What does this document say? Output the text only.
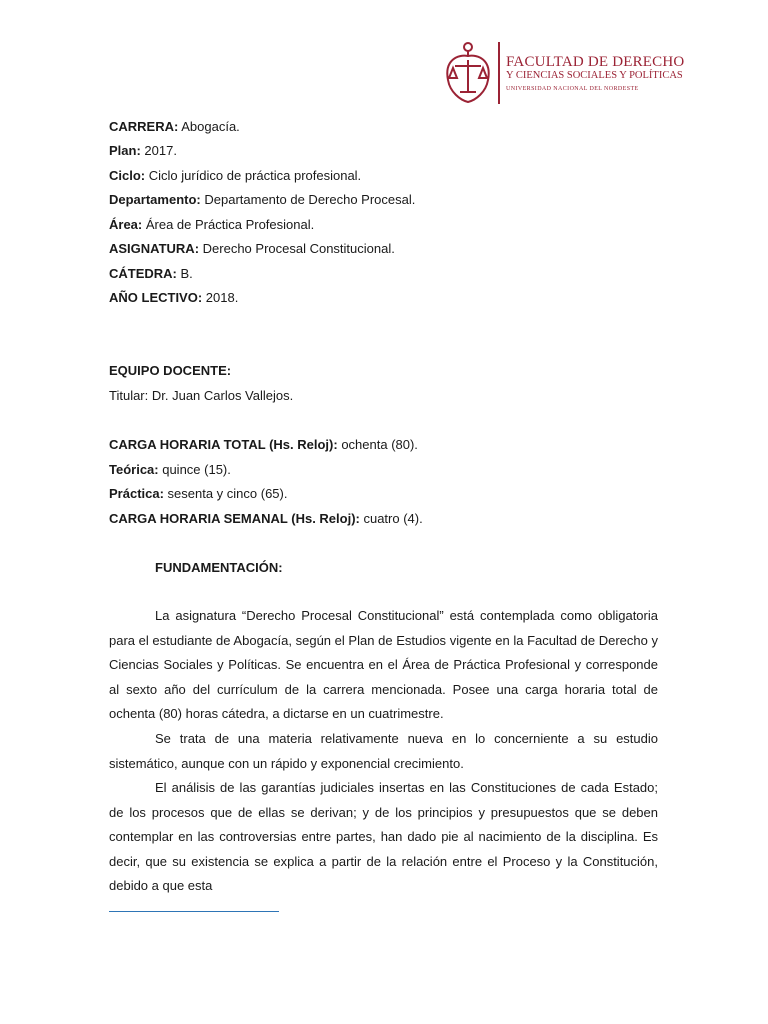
FACULTAD DE DERECHO
Y CIENCIAS SOCIALES Y POLÍTICAS
UNIVERSIDAD NACIONAL DEL NORDESTE
CARRERA: Abogacía.
Plan: 2017.
Ciclo: Ciclo jurídico de práctica profesional.
Departamento: Departamento de Derecho Procesal.
Área: Área de Práctica Profesional.
ASIGNATURA: Derecho Procesal Constitucional.
CÁTEDRA: B.
AÑO LECTIVO: 2018.
EQUIPO DOCENTE:
Titular: Dr. Juan Carlos Vallejos.
CARGA HORARIA TOTAL (Hs. Reloj): ochenta (80).
Teórica: quince (15).
Práctica: sesenta y cinco (65).
CARGA HORARIA SEMANAL (Hs. Reloj): cuatro (4).
FUNDAMENTACIÓN:
La asignatura “Derecho Procesal Constitucional” está contemplada como obligatoria para el estudiante de Abogacía, según el Plan de Estudios vigente en la Facultad de Derecho y Ciencias Sociales y Políticas. Se encuentra en el Área de Práctica Profesional y corresponde al sexto año del currículum de la carrera mencionada. Posee una carga horaria total de ochenta (80) horas cátedra, a dictarse en un cuatrimestre.
Se trata de una materia relativamente nueva en lo concerniente a su estudio sistemático, aunque con un rápido y exponencial crecimiento.
El análisis de las garantías judiciales insertas en las Constituciones de cada Estado; de los procesos que de ellas se derivan; y de los principios y presupuestos que se deben contemplar en las controversias entre partes, han dado pie al nacimiento de la disciplina. Es decir, que su existencia se explica a partir de la relación entre el Proceso y la Constitución, debido a que esta
